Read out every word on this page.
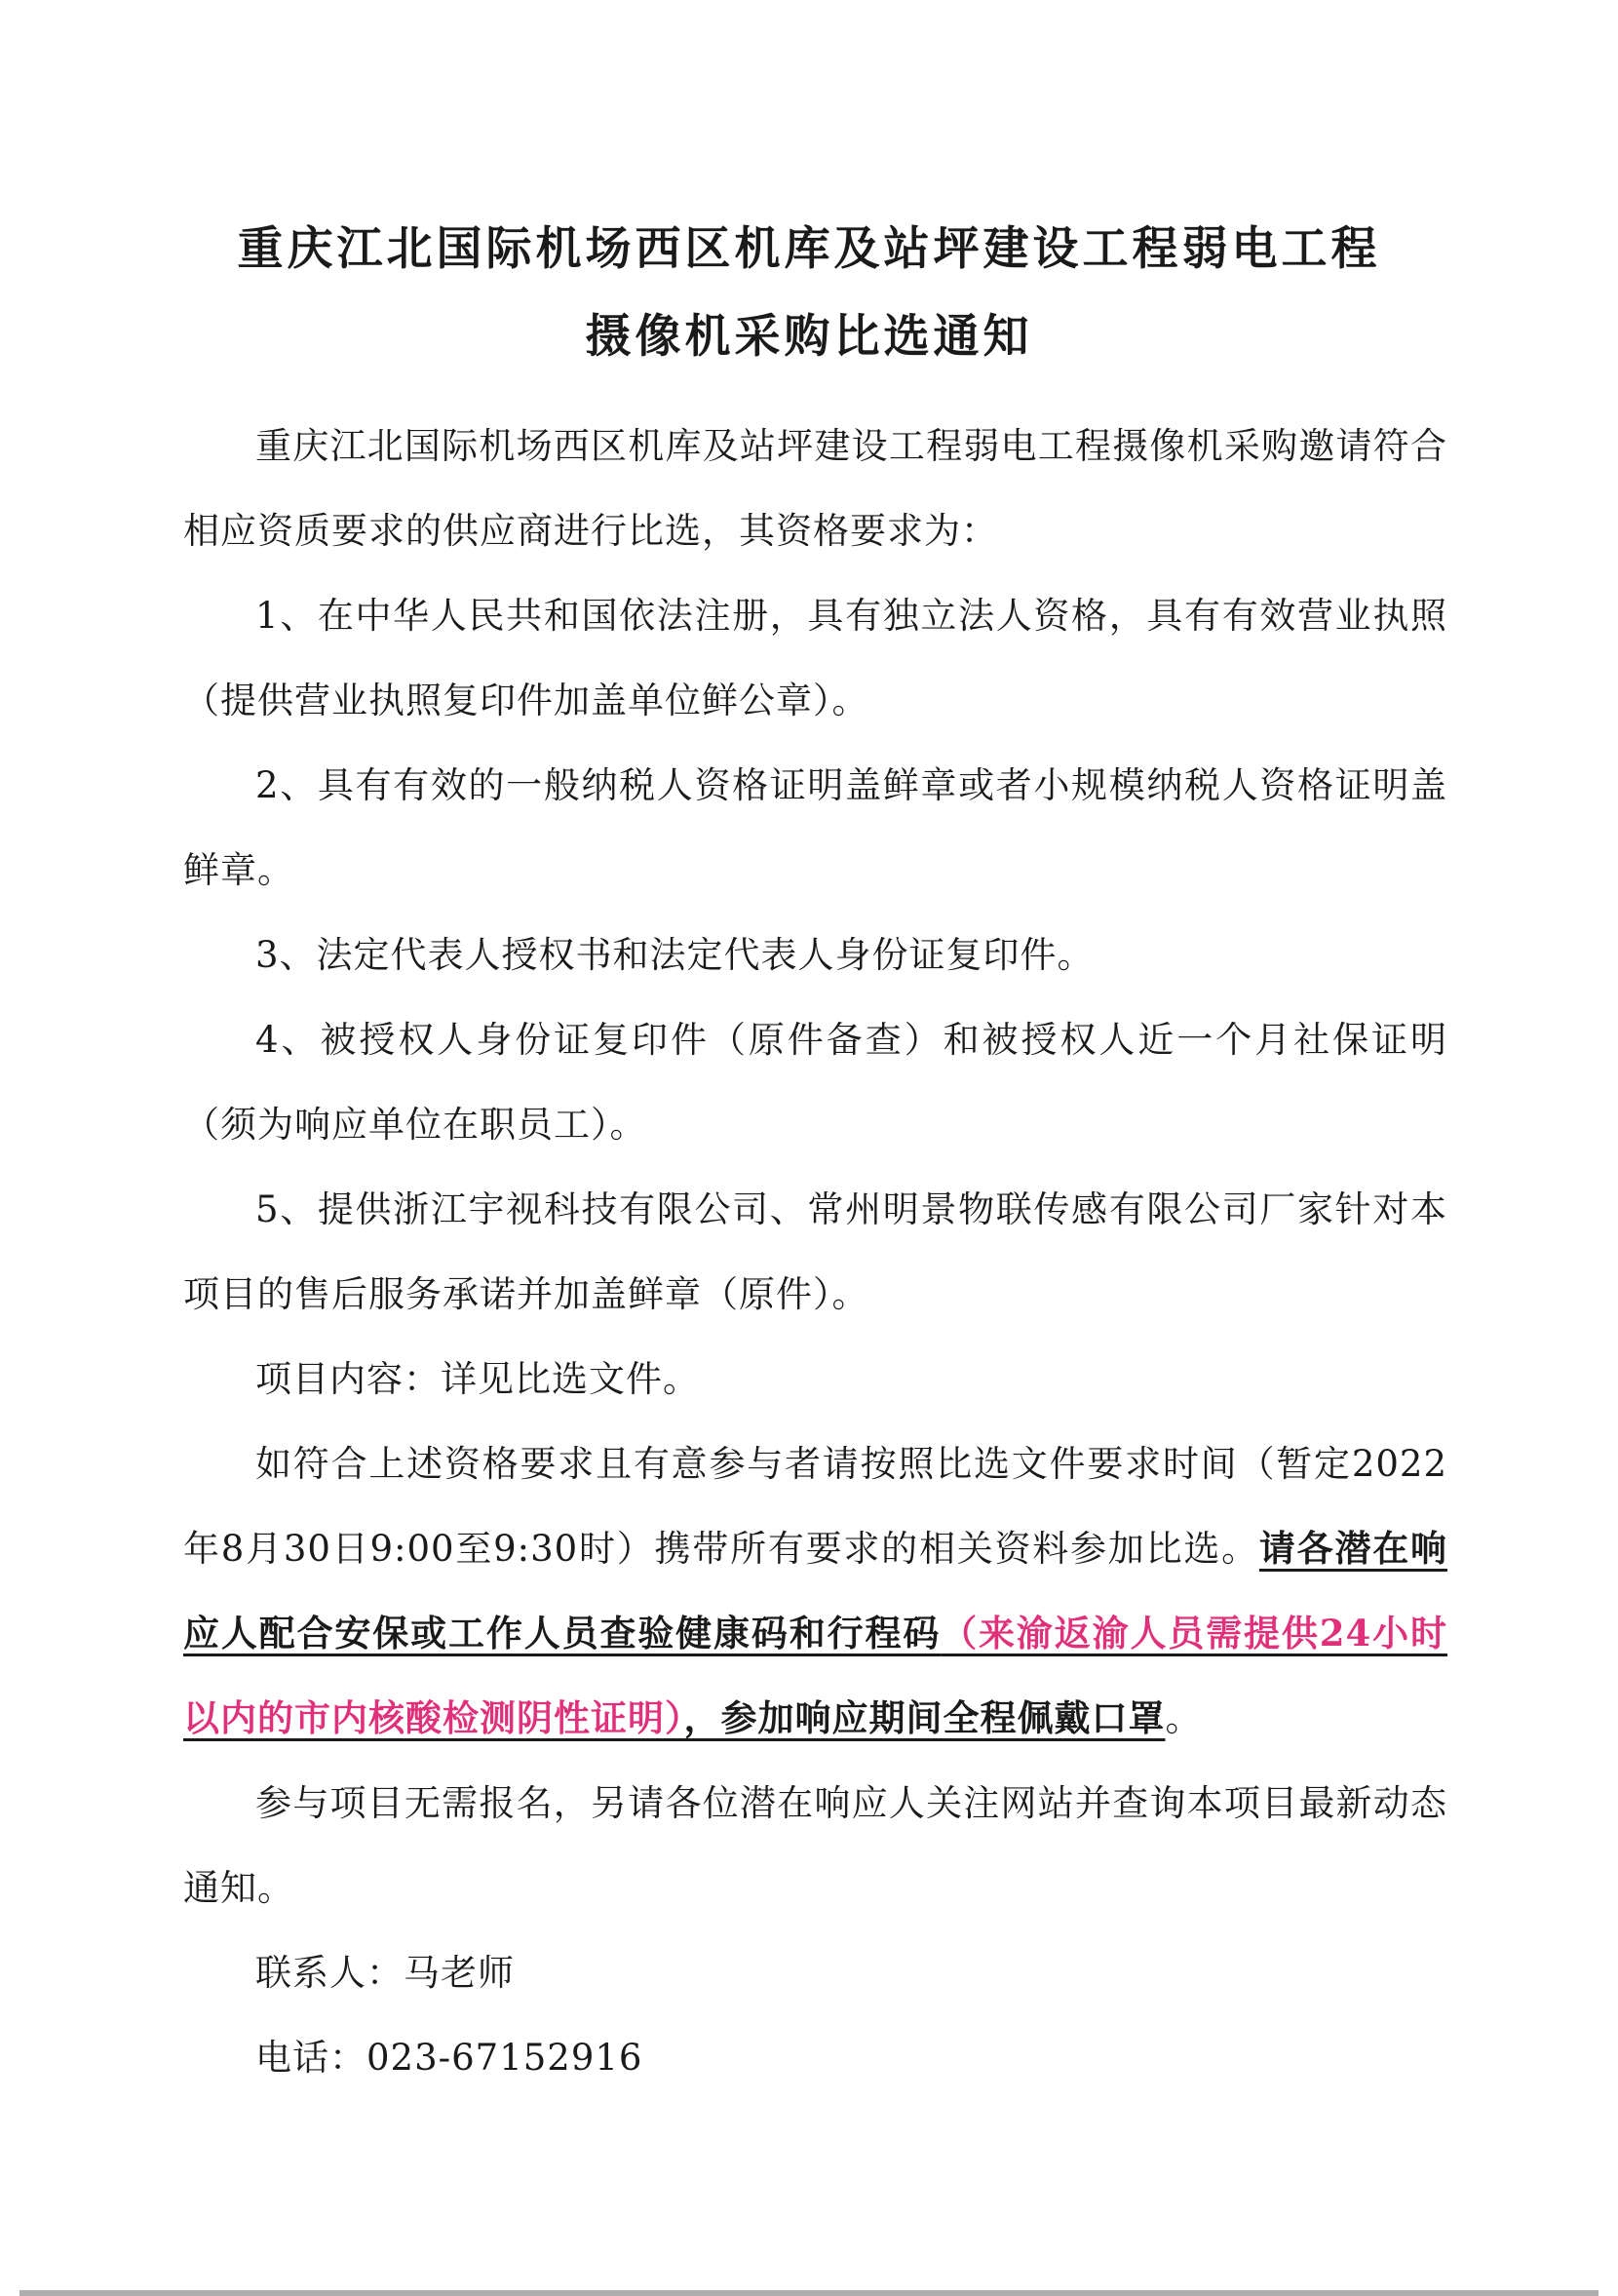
重庆江北国际机场西区机库及站坪建设工程弱电工程
摄像机采购比选通知

重庆江北国际机场西区机库及站坪建设工程弱电工程摄像机采购邀请符合相应资质要求的供应商进行比选，其资格要求为：

1、在中华人民共和国依法注册，具有独立法人资格，具有有效营业执照（提供营业执照复印件加盖单位鲜公章）。

2、具有有效的一般纳税人资格证明盖鲜章或者小规模纳税人资格证明盖鲜章。

3、法定代表人授权书和法定代表人身份证复印件。

4、被授权人身份证复印件（原件备查）和被授权人近一个月社保证明（须为响应单位在职员工）。

5、提供浙江宇视科技有限公司、常州明景物联传感有限公司厂家针对本项目的售后服务承诺并加盖鲜章（原件）。

项目内容：详见比选文件。

如符合上述资格要求且有意参与者请按照比选文件要求时间（暂定2022年8月30日9:00至9:30时）携带所有要求的相关资料参加比选。请各潜在响应人配合安保或工作人员查验健康码和行程码（来渝返渝人员需提供24小时以内的市内核酸检测阴性证明），参加响应期间全程佩戴口罩。

参与项目无需报名，另请各位潜在响应人关注网站并查询本项目最新动态通知。

联系人：马老师

电话：023-67152916
